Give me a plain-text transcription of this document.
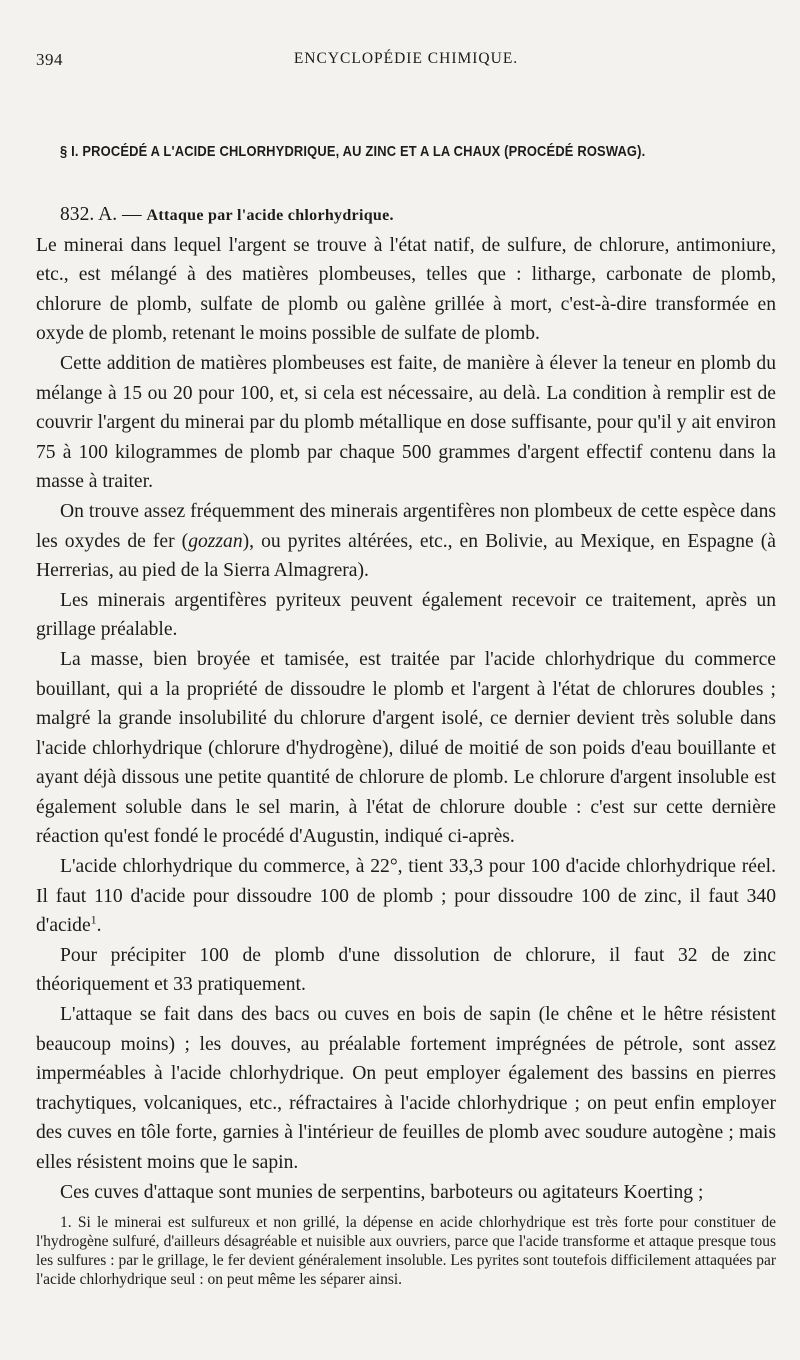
394	ENCYCLOPÉDIE CHIMIQUE.
§ I. PROCÉDÉ A L'ACIDE CHLORHYDRIQUE, AU ZINC ET A LA CHAUX (PROCÉDÉ ROSWAG).

832. A. — Attaque par l'acide chlorhydrique.

Le minerai dans lequel l'argent se trouve à l'état natif, de sulfure, de chlorure, antimoniure, etc., est mélangé à des matières plombeuses, telles que : litharge, carbonate de plomb, chlorure de plomb, sulfate de plomb ou galène grillée à mort, c'est-à-dire transformée en oxyde de plomb, retenant le moins possible de sulfate de plomb.

Cette addition de matières plombeuses est faite, de manière à élever la teneur en plomb du mélange à 15 ou 20 pour 100, et, si cela est nécessaire, au delà. La condition à remplir est de couvrir l'argent du minerai par du plomb métallique en dose suffisante, pour qu'il y ait environ 75 à 100 kilogrammes de plomb par chaque 500 grammes d'argent effectif contenu dans la masse à traiter.

On trouve assez fréquemment des minerais argentifères non plombeux de cette espèce dans les oxydes de fer (gozzan), ou pyrites altérées, etc., en Bolivie, au Mexique, en Espagne (à Herrerias, au pied de la Sierra Almagrera).

Les minerais argentifères pyriteux peuvent également recevoir ce traitement, après un grillage préalable.

La masse, bien broyée et tamisée, est traitée par l'acide chlorhydrique du commerce bouillant, qui a la propriété de dissoudre le plomb et l'argent à l'état de chlorures doubles ; malgré la grande insolubilité du chlorure d'argent isolé, ce dernier devient très soluble dans l'acide chlorhydrique (chlorure d'hydrogène), dilué de moitié de son poids d'eau bouillante et ayant déjà dissous une petite quantité de chlorure de plomb. Le chlorure d'argent insoluble est également soluble dans le sel marin, à l'état de chlorure double : c'est sur cette dernière réaction qu'est fondé le procédé d'Augustin, indiqué ci-après.

L'acide chlorhydrique du commerce, à 22°, tient 33,3 pour 100 d'acide chlorhydrique réel. Il faut 110 d'acide pour dissoudre 100 de plomb ; pour dissoudre 100 de zinc, il faut 340 d'acide$^1$.

Pour précipiter 100 de plomb d'une dissolution de chlorure, il faut 32 de zinc théoriquement et 33 pratiquement.

L'attaque se fait dans des bacs ou cuves en bois de sapin (le chêne et le hêtre résistent beaucoup moins) ; les douves, au préalable fortement imprégnées de pétrole, sont assez imperméables à l'acide chlorhydrique. On peut employer également des bassins en pierres trachytiques, volcaniques, etc., réfractaires à l'acide chlorhydrique ; on peut enfin employer des cuves en tôle forte, garnies à l'intérieur de feuilles de plomb avec soudure autogène ; mais elles résistent moins que le sapin.

Ces cuves d'attaque sont munies de serpentins, barboteurs ou agitateurs Koerting ;

1. Si le minerai est sulfureux et non grillé, la dépense en acide chlorhydrique est très forte pour constituer de l'hydrogène sulfuré, d'ailleurs désagréable et nuisible aux ouvriers, parce que l'acide transforme et attaque presque tous les sulfures : par le grillage, le fer devient généralement insoluble. Les pyrites sont toutefois difficilement attaquées par l'acide chlorhydrique seul : on peut même les séparer ainsi.
